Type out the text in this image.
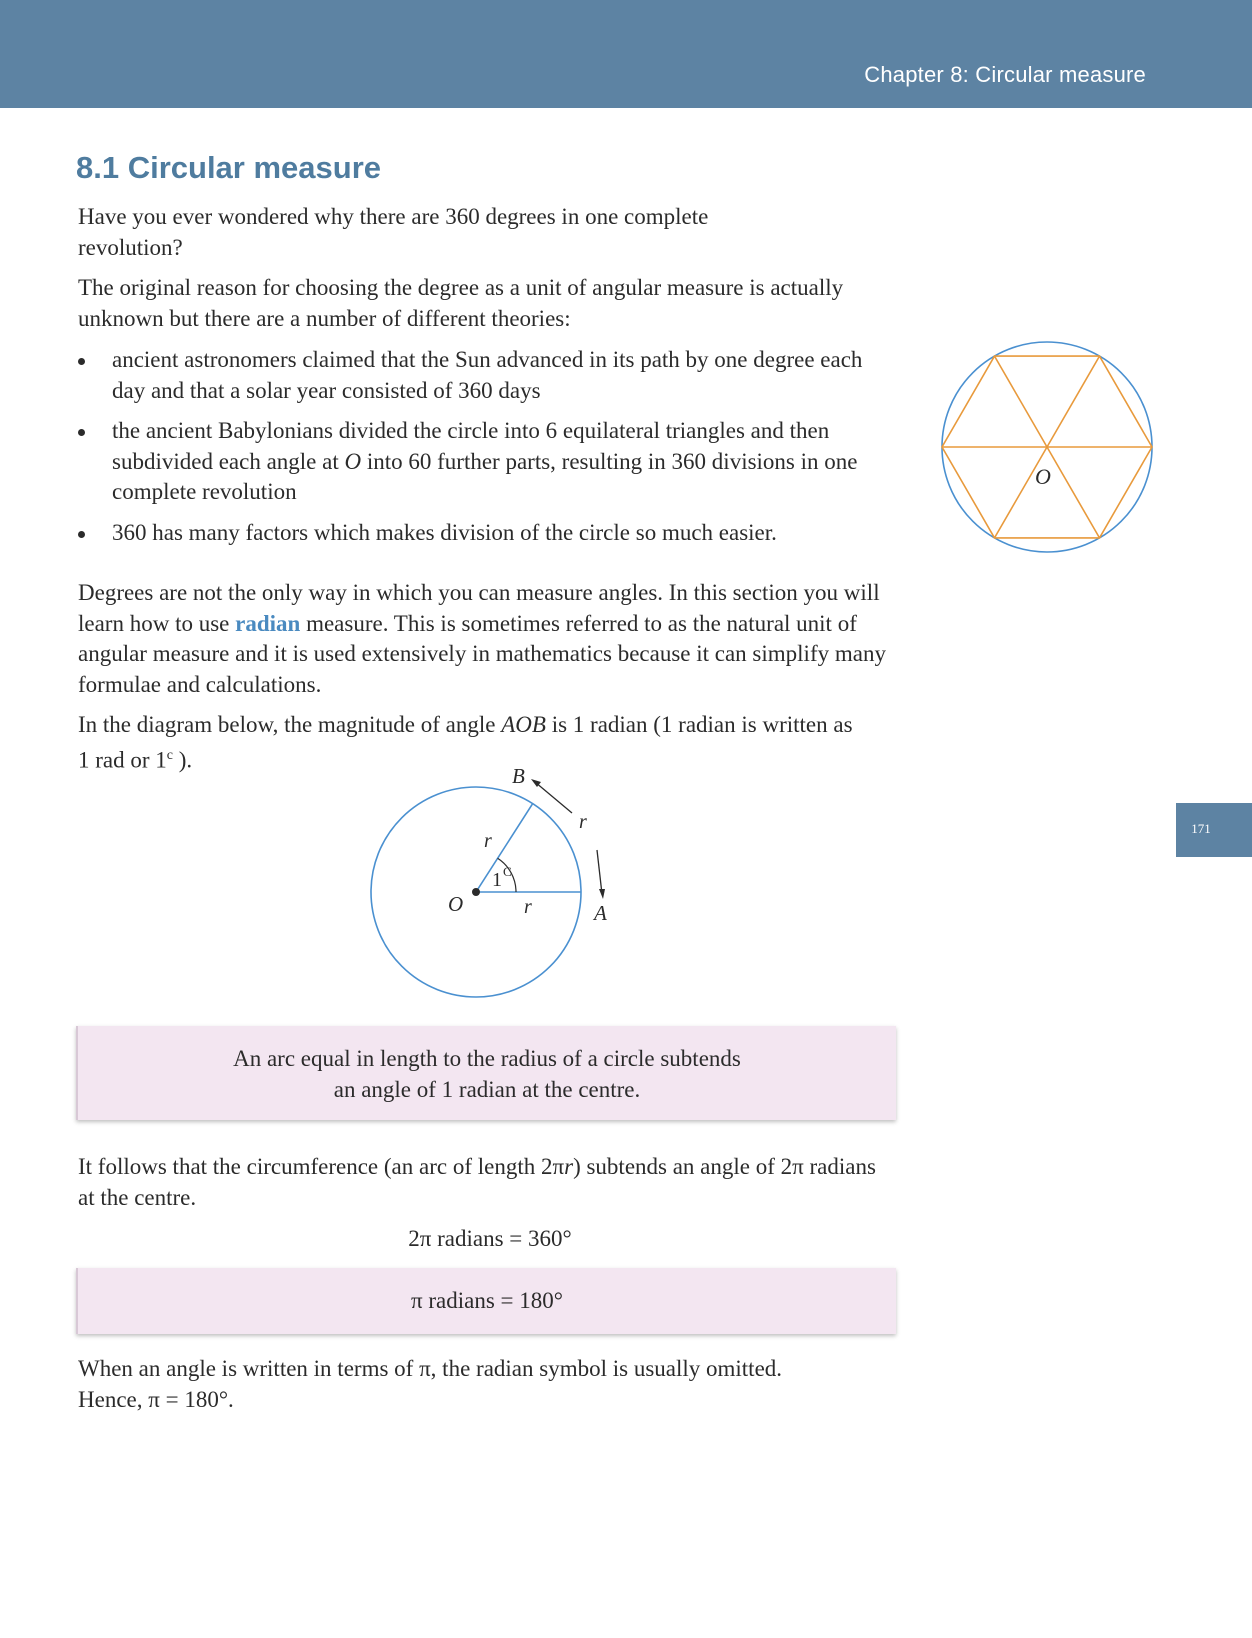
Chapter 8: Circular measure
171
8.1 Circular measure

Have you ever wondered why there are 360 degrees in one complete revolution?

The original reason for choosing the degree as a unit of angular measure is actually unknown but there are a number of different theories:

ancient astronomers claimed that the Sun advanced in its path by one degree each day and that a solar year consisted of 360 days
the ancient Babylonians divided the circle into 6 equilateral triangles and then subdivided each angle at O into 60 further parts, resulting in 360 divisions in one complete revolution
360 has many factors which makes division of the circle so much easier.
O

Degrees are not the only way in which you can measure angles. In this section you will learn how to use radian measure. This is sometimes referred to as the natural unit of angular measure and it is used extensively in mathematics because it can simplify many formulae and calculations.

In the diagram below, the magnitude of angle AOB is 1 radian (1 radian is written as 1 rad or 1$^c$ ).

B
A
O
r
r
r
1 C
An arc equal in length to the radius of a circle subtends
an angle of 1 radian at the centre.

It follows that the circumference (an arc of length 2πr) subtends an angle of 2π radians at the centre.

2π radians = 360°
π radians = 180°

When an angle is written in terms of π, the radian symbol is usually omitted.
Hence, π = 180°.
